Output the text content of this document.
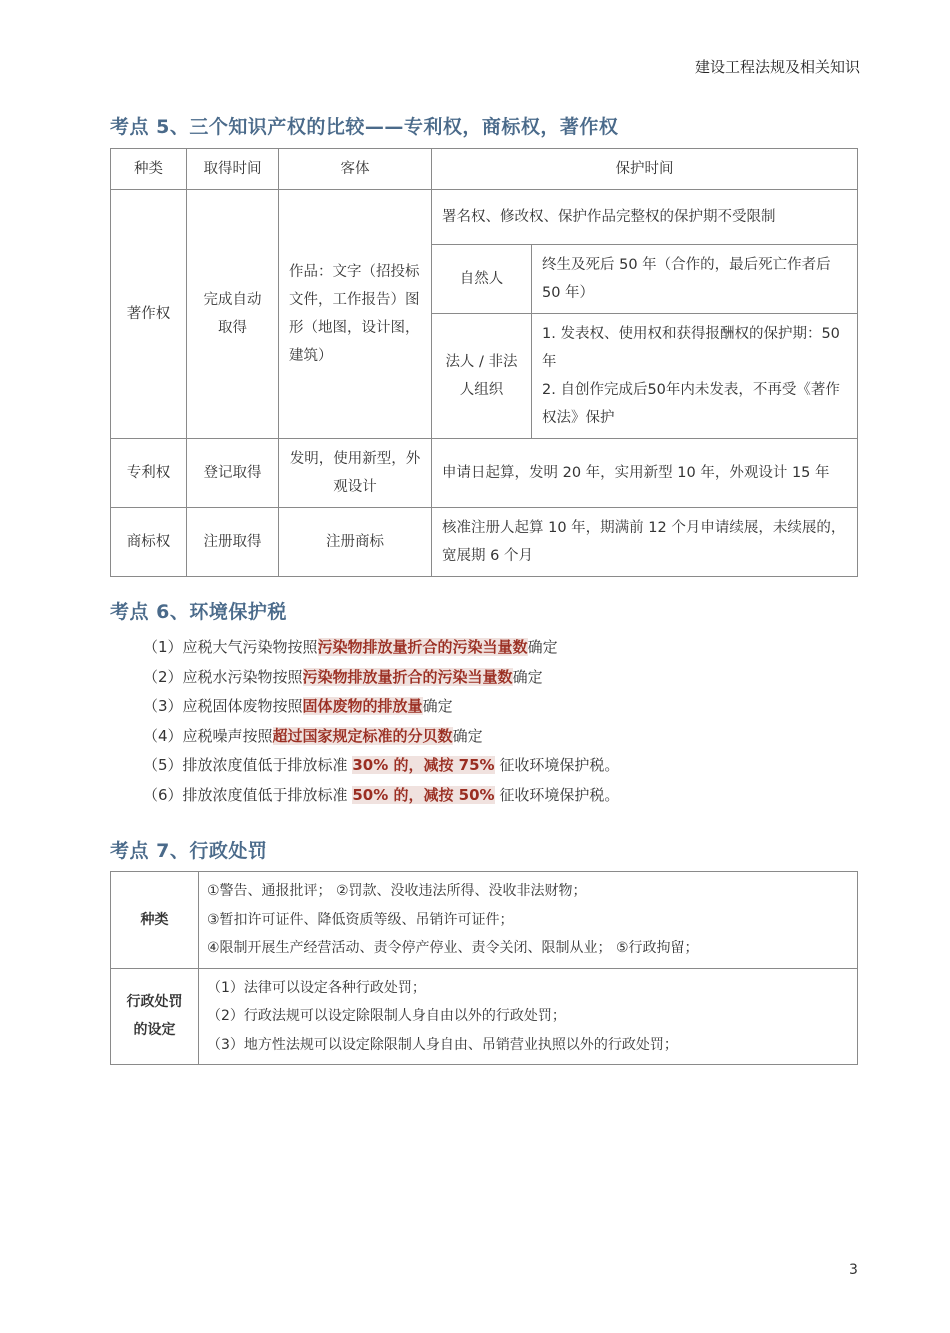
建设工程法规及相关知识
考点 5、三个知识产权的比较——专利权，商标权，著作权
种类	取得时间	客体	保护时间	
著作权	完成自动取得	作品：文字（招投标文件，工作报告）图形（地图，设计图，建筑）	署名权、修改权、保护作品完整权的保护期不受限制	
			自然人	终生及死后 50 年（合作的，最后死亡作者后 50 年）
			法人 / 非法人组织	1. 发表权、使用权和获得报酬权的保护期：50 年
2. 自创作完成后50年内未发表，不再受《著作权法》保护

专利权	登记取得	发明，使用新型，外观设计	申请日起算，发明 20 年，实用新型 10 年，外观设计 15 年	
商标权	注册取得	注册商标	核准注册人起算 10 年，期满前 12 个月申请续展，未续展的，宽展期 6 个月	
考点 6、环境保护税
（1）应税大气污染物按照污染物排放量折合的污染当量数确定
（2）应税水污染物按照污染物排放量折合的污染当量数确定
（3）应税固体废物按照固体废物的排放量确定
（4）应税噪声按照超过国家规定标准的分贝数确定
（5）排放浓度值低于排放标准 30% 的，减按 75% 征收环境保护税。
（6）排放浓度值低于排放标准 50% 的，减按 50% 征收环境保护税。
考点 7、行政处罚
种类	①警告、通报批评； ②罚款、没收违法所得、没收非法财物；
③暂扣许可证件、降低资质等级、吊销许可证件；
④限制开展生产经营活动、责令停产停业、责令关闭、限制从业； ⑤行政拘留；

行政处罚的设定	（1）法律可以设定各种行政处罚；
（2）行政法规可以设定除限制人身自由以外的行政处罚；
（3）地方性法规可以设定除限制人身自由、吊销营业执照以外的行政处罚；
3
